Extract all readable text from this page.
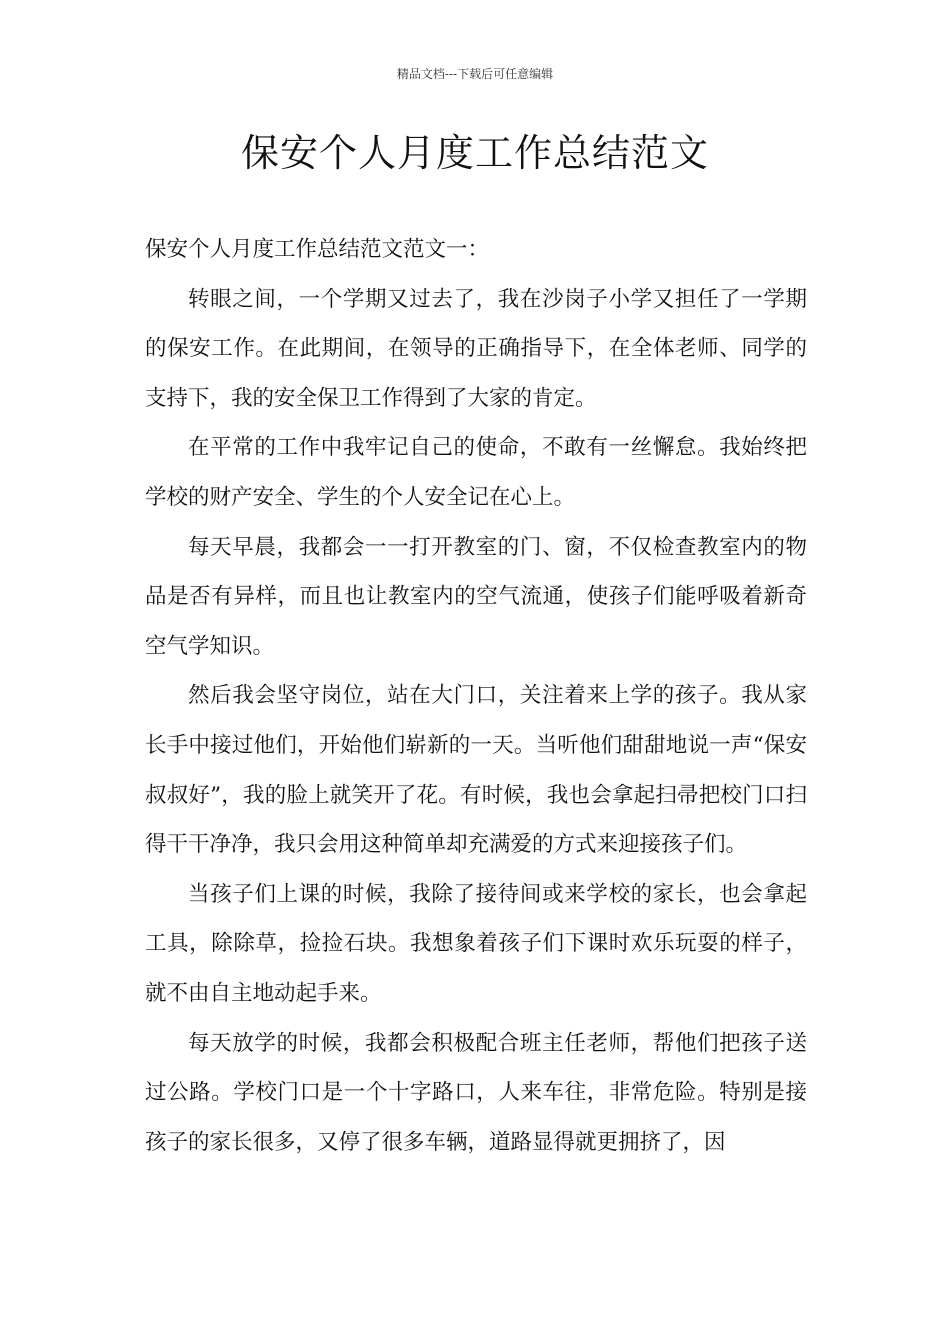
精品文档---下载后可任意编辑
保安个人月度工作总结范文

保安个人月度工作总结范文范文一：

转眼之间，一个学期又过去了，我在沙岗子小学又担任了一学期的保安工作。在此期间，在领导的正确指导下，在全体老师、同学的支持下，我的安全保卫工作得到了大家的肯定。

在平常的工作中我牢记自己的使命，不敢有一丝懈怠。我始终把学校的财产安全、学生的个人安全记在心上。

每天早晨，我都会一一打开教室的门、窗，不仅检查教室内的物品是否有异样，而且也让教室内的空气流通，使孩子们能呼吸着新奇空气学知识。

然后我会坚守岗位，站在大门口，关注着来上学的孩子。我从家长手中接过他们，开始他们崭新的一天。当听他们甜甜地说一声“保安叔叔好”，我的脸上就笑开了花。有时候，我也会拿起扫帚把校门口扫得干干净净，我只会用这种简单却充满爱的方式来迎接孩子们。

当孩子们上课的时候，我除了接待间或来学校的家长，也会拿起工具，除除草，捡捡石块。我想象着孩子们下课时欢乐玩耍的样子，就不由自主地动起手来。

每天放学的时候，我都会积极配合班主任老师，帮他们把孩子送过公路。学校门口是一个十字路口，人来车往，非常危险。特别是接孩子的家长很多，又停了很多车辆，道路显得就更拥挤了，因
